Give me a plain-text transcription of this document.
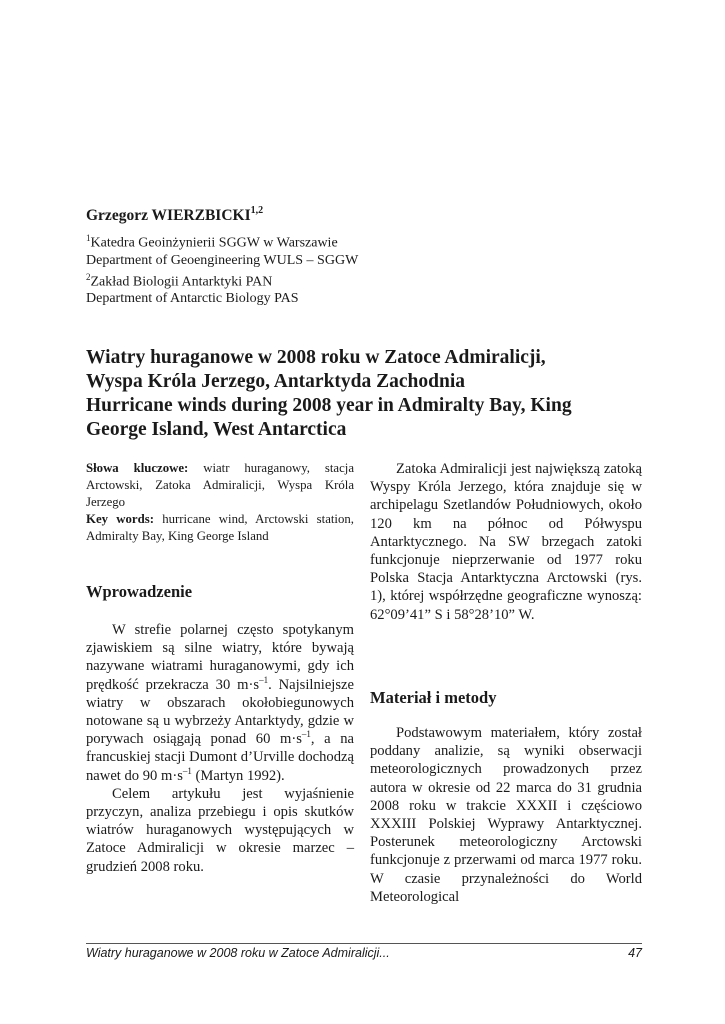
Grzegorz WIERZBICKI$^{1,2}$
$^1$Katedra Geoinżynierii SGGW w Warszawie
Department of Geoengineering WULS – SGGW
$^2$Zakład Biologii Antarktyki PAN
Department of Antarctic Biology PAS
Wiatry huraganowe w 2008 roku w Zatoce Admiralicji,
Wyspa Króla Jerzego, Antarktyda Zachodnia
Hurricane winds during 2008 year in Admiralty Bay, King
George Island, West Antarctica
Słowa kluczowe: wiatr huraganowy, stacja Arctowski, Zatoka Admiralicji, Wyspa Króla Jerzego
Key words: hurricane wind, Arctowski station, Admiralty Bay, King George Island
Wprowadzenie

W strefie polarnej często spotykanym zjawiskiem są silne wiatry, które bywają nazywane wiatrami huraganowymi, gdy ich prędkość przekracza 30 $m\cdot s^{-1}$. Najsilniejsze wiatry w obszarach okołobiegunowych notowane są u wybrzeży Antarktydy, gdzie w porywach osiągają ponad 60 $m\cdot s^{-1}$, a na francuskiej stacji Dumont d’Urville dochodzą nawet do 90 $m\cdot s^{-1}$ (Martyn 1992).

Celem artykułu jest wyjaśnienie przyczyn, analiza przebiegu i opis skutków wiatrów huraganowych występujących w Zatoce Admiralicji w okresie marzec – grudzień 2008 roku.

Zatoka Admiralicji jest największą zatoką Wyspy Króla Jerzego, która znajduje się w archipelagu Szetlandów Południowych, około 120 km na północ od Półwyspu Antarktycznego. Na SW brzegach zatoki funkcjonuje nieprzerwanie od 1977 roku Polska Stacja Antarktyczna Arctowski (rys. 1), której współrzędne geograficzne wynoszą: 62°09’41” S i 58°28’10” W.

Materiał i metody

Podstawowym materiałem, który został poddany analizie, są wyniki obserwacji meteorologicznych prowadzonych przez autora w okresie od 22 marca do 31 grudnia 2008 roku w trakcie XXXII i częściowo XXXIII Polskiej Wyprawy Antarktycznej. Posterunek meteorologiczny Arctowski funkcjonuje z przerwami od marca 1977 roku. W czasie przynależności do World Meteorological

Wiatry huraganowe w 2008 roku w Zatoce Admiralicji...	47
